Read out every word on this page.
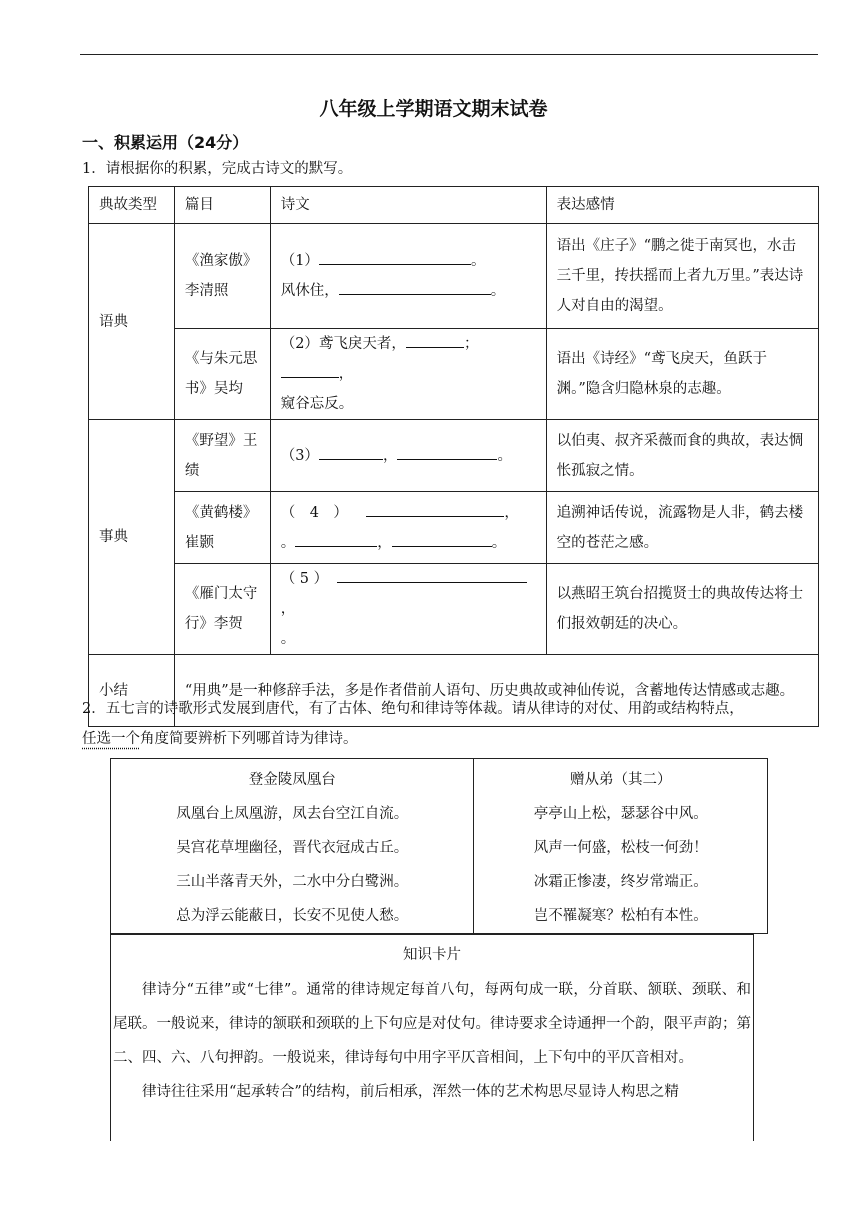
八年级上学期语文期末试卷
一、积累运用（24分）
1．请根据你的积累，完成古诗文的默写。
典故类型	篇目	诗文	表达感情
语典	《渔家傲》李清照	（1） 。
风休住， 。	语出《庄子》“鹏之徙于南冥也，水击三千里，抟扶摇而上者九万里。”表达诗人对自由的渴望。
	《与朱元思书》吴均	（2）鸢飞戾天者， ；，
窥谷忘反。	语出《诗经》“鸢飞戾天，鱼跃于渊。”隐含归隐林泉的志趣。
事典	《野望》王绩	（3） ， 。	以伯夷、叔齐采薇而食的典故，表达惆怅孤寂之情。
	《黄鹤楼》崔颢	（　4　） ，
。 ， 。	追溯神话传说，流露物是人非，鹤去楼空的苍茫之感。
	《雁门太守行》李贺	（ 5 ）  ，
。	以燕昭王筑台招揽贤士的典故传达将士们报效朝廷的决心。
小结	“用典”是一种修辞手法，多是作者借前人语句、历史典故或神仙传说，含蓄地传达情感或志趣。		
2．五七言的诗歌形式发展到唐代，有了古体、绝句和律诗等体裁。请从律诗的对仗、用韵或结构特点，
任选一个角度简要辨析下列哪首诗为律诗。
登金陵凤凰台
凤凰台上凤凰游，凤去台空江自流。
吴宫花草埋幽径，晋代衣冠成古丘。
三山半落青天外，二水中分白鹭洲。
总为浮云能蔽日，长安不见使人愁。

赠从弟（其二）
亭亭山上松，瑟瑟谷中风。
风声一何盛，松枝一何劲！
冰霜正惨凄，终岁常端正。
岂不罹凝寒？松柏有本性。
知识卡片

律诗分“五律”或“七律”。通常的律诗规定每首八句，每两句成一联，分首联、颔联、颈联、和尾联。一般说来，律诗的颔联和颈联的上下句应是对仗句。律诗要求全诗通押一个韵，限平声韵；第二、四、六、八句押韵。一般说来，律诗每句中用字平仄音相间，上下句中的平仄音相对。

律诗往往采用“起承转合”的结构，前后相承，浑然一体的艺术构思尽显诗人构思之精
